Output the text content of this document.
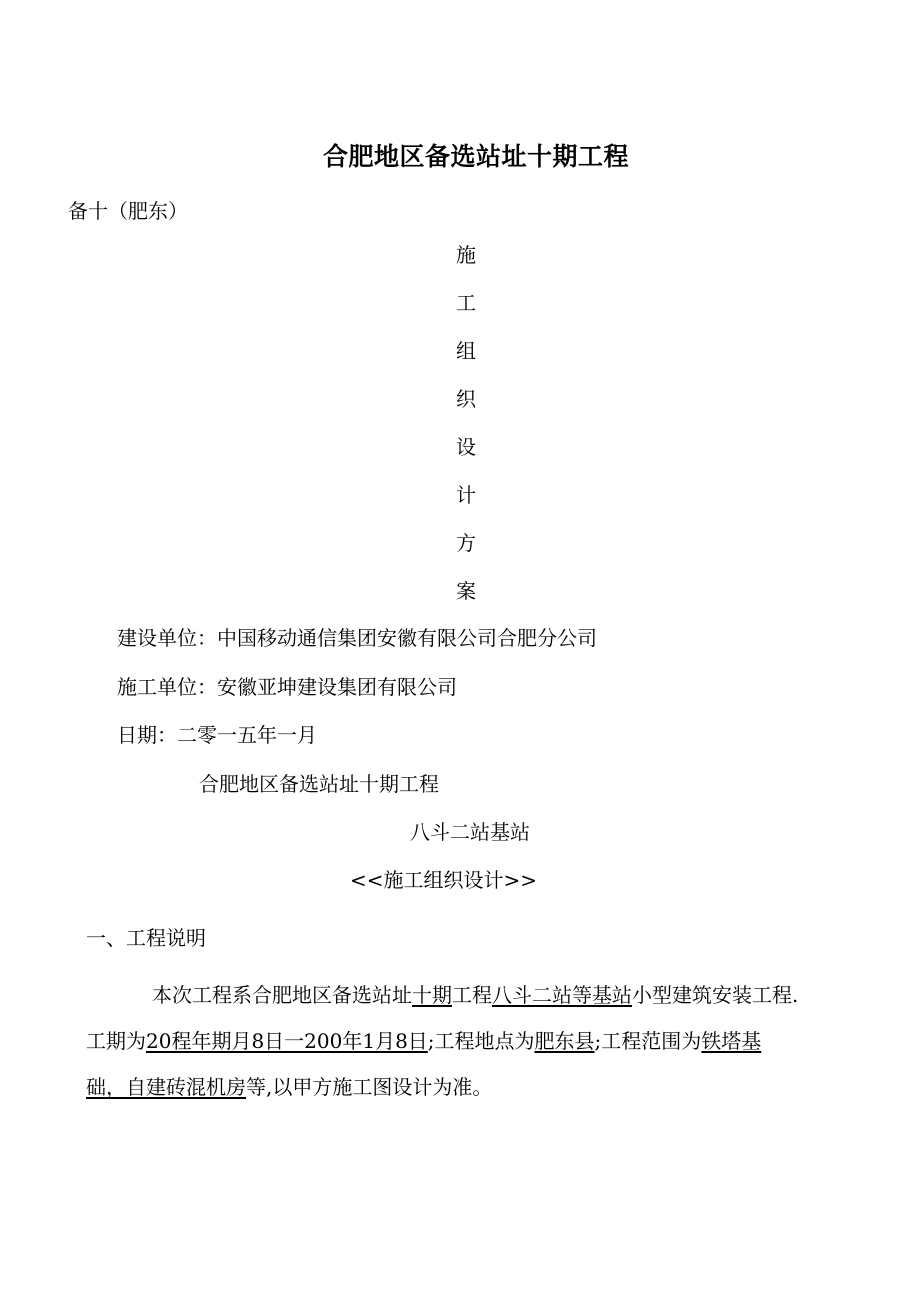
合肥地区备选站址十期工程
备十（肥东）
施
工
组
织
设
计
方
案
建设单位：中国移动通信集团安徽有限公司合肥分公司
施工单位：安徽亚坤建设集团有限公司
日期：二零一五年一月
合肥地区备选站址十期工程
八斗二站基站
<<施工组织设计>>
一、工程说明
本次工程系合肥地区备选站址十期工程八斗二站等基站小型建筑安装工程.
工期为20程年期月8日一200年1月8日;工程地点为肥东县;工程范围为铁塔基
础，自建砖混机房等,以甲方施工图设计为准。
